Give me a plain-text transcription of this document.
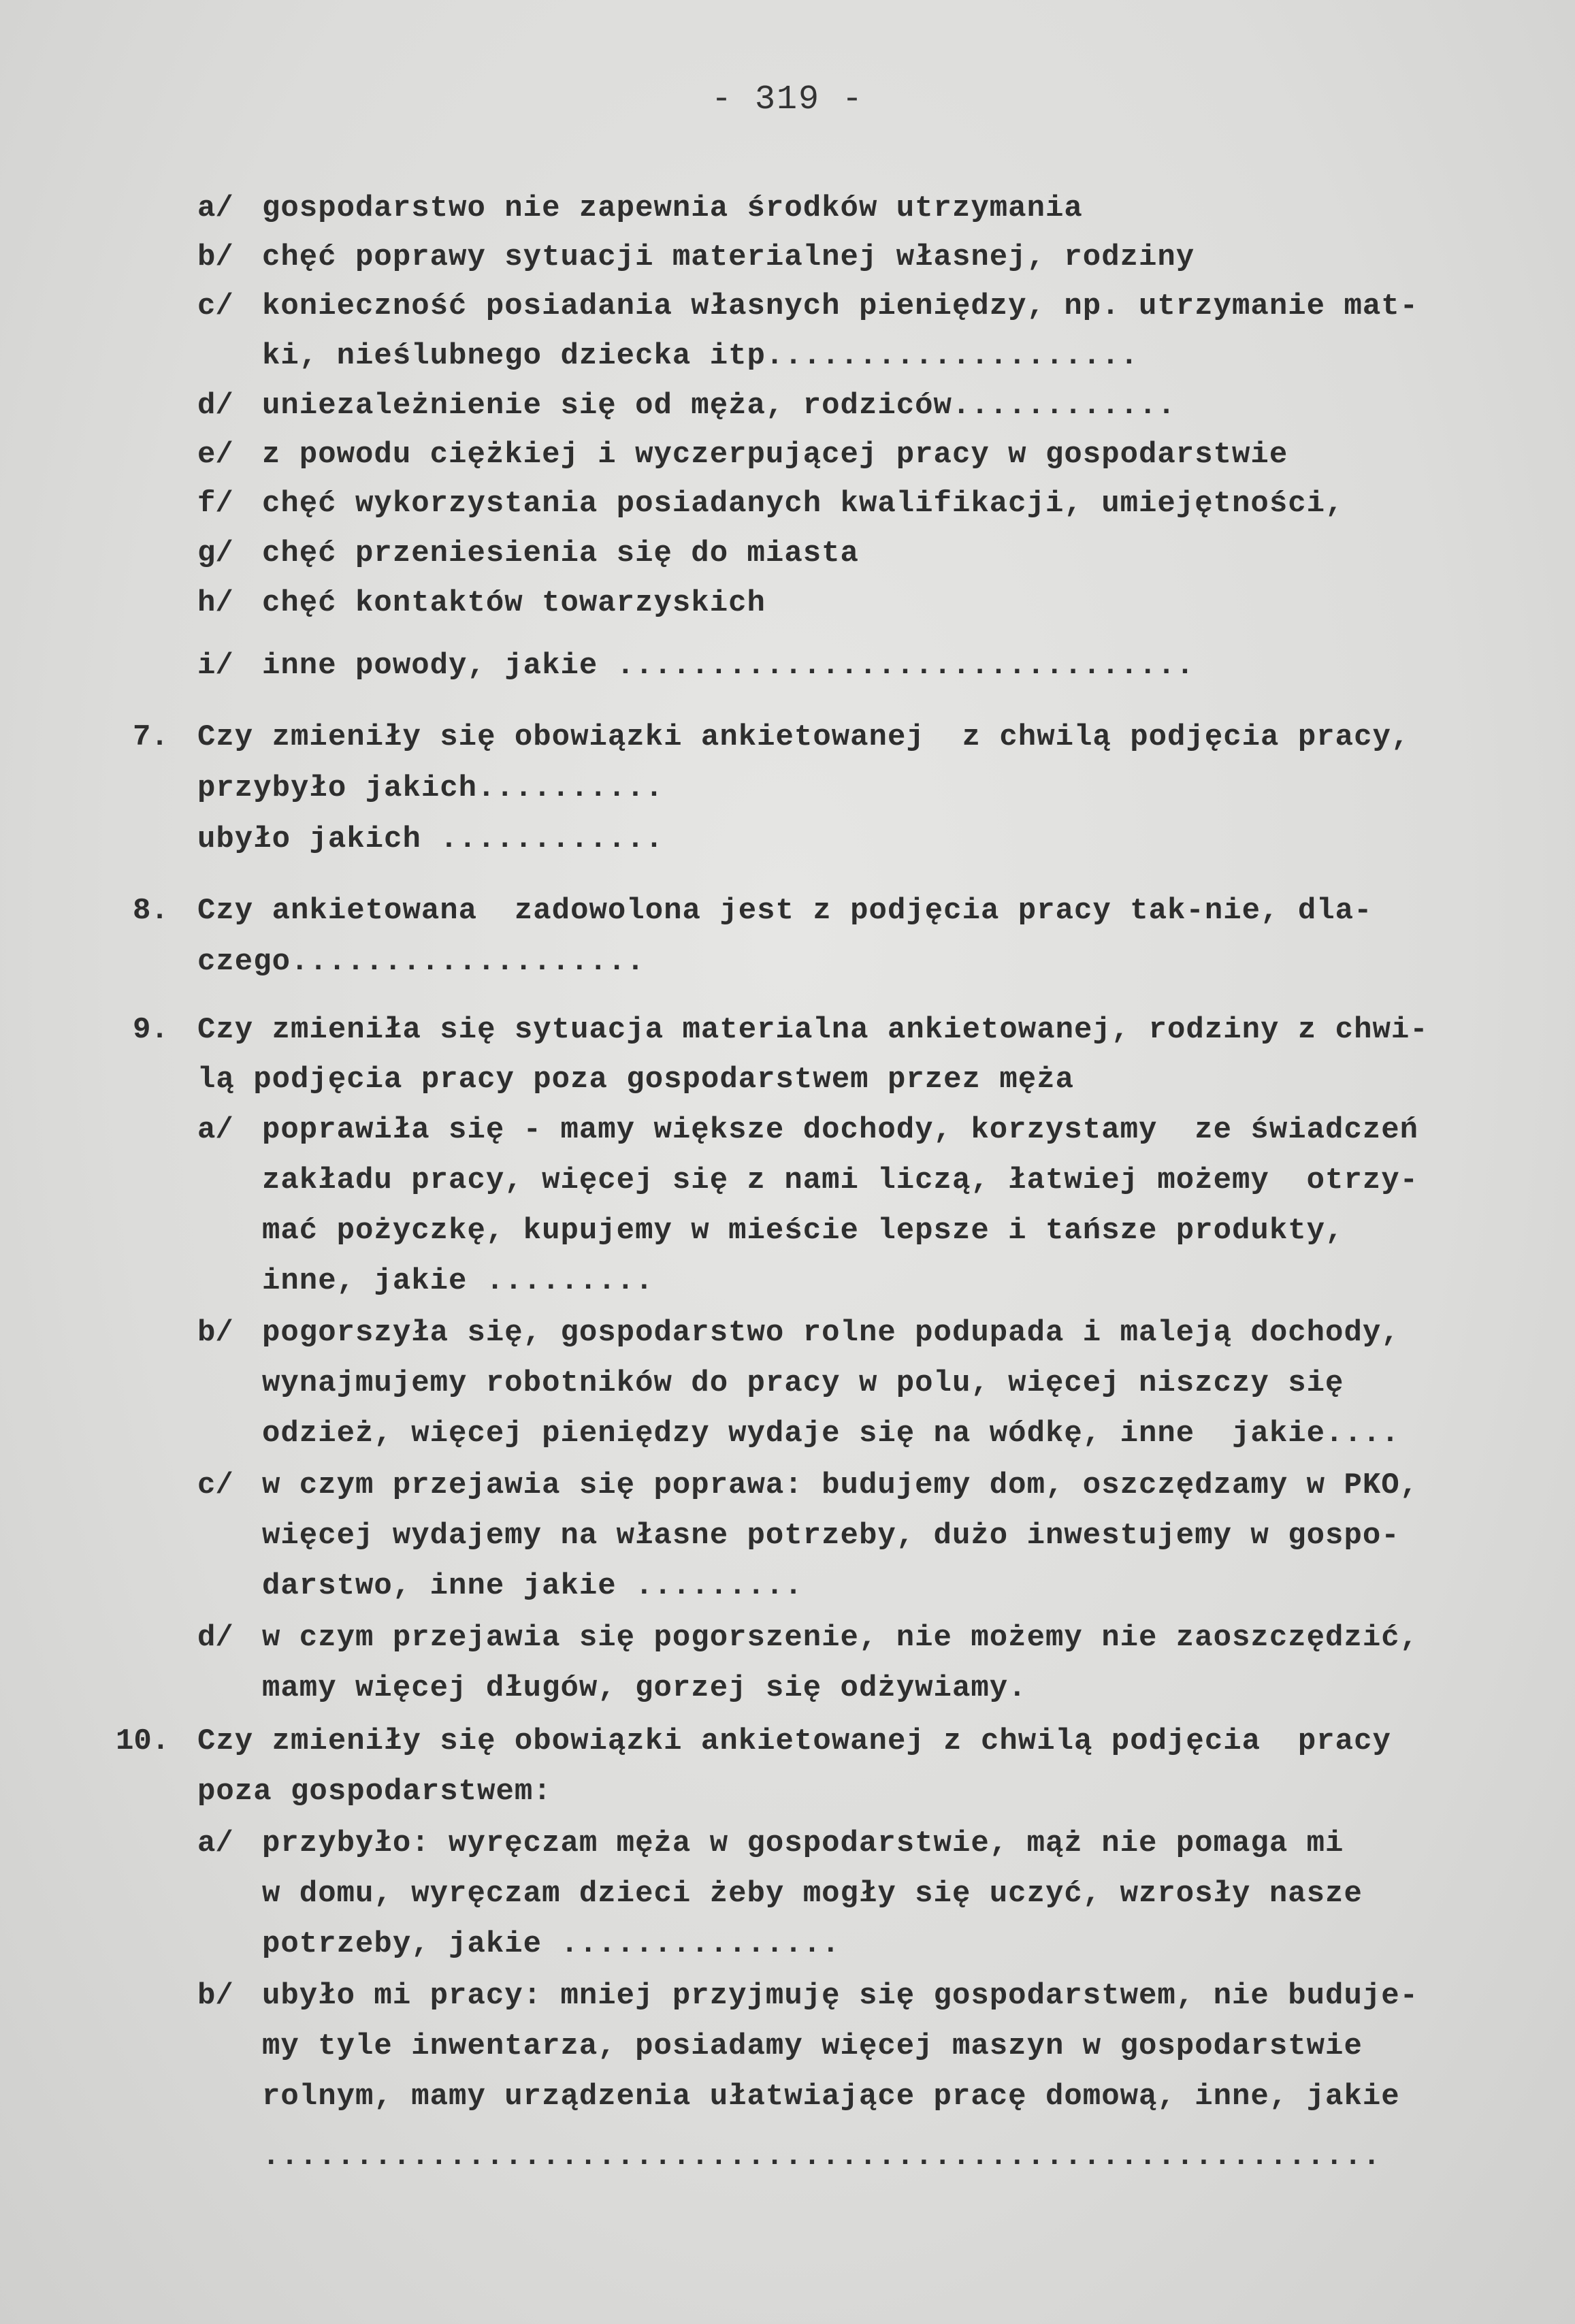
- 319 -
a/ gospodarstwo nie zapewnia środków utrzymania
b/ chęć poprawy sytuacji materialnej własnej, rodziny
c/ konieczność posiadania własnych pieniędzy, np. utrzymanie mat-
ki, nieślubnego dziecka itp....................
d/ uniezależnienie się od męża, rodziców............
e/ z powodu ciężkiej i wyczerpującej pracy w gospodarstwie
f/ chęć wykorzystania posiadanych kwalifikacji, umiejętności,
g/ chęć przeniesienia się do miasta
h/ chęć kontaktów towarzyskich
i/ inne powody, jakie ...............................
7. Czy zmieniły się obowiązki ankietowanej  z chwilą podjęcia pracy,
przybyło jakich..........
ubyło jakich ............
8. Czy ankietowana  zadowolona jest z podjęcia pracy tak-nie, dla-
czego...................
9. Czy zmieniła się sytuacja materialna ankietowanej, rodziny z chwi-
lą podjęcia pracy poza gospodarstwem przez męża
a/ poprawiła się - mamy większe dochody, korzystamy  ze świadczeń
zakładu pracy, więcej się z nami liczą, łatwiej możemy  otrzy-
mać pożyczkę, kupujemy w mieście lepsze i tańsze produkty,
inne, jakie .........
b/ pogorszyła się, gospodarstwo rolne podupada i maleją dochody,
wynajmujemy robotników do pracy w polu, więcej niszczy się
odzież, więcej pieniędzy wydaje się na wódkę, inne  jakie....
c/ w czym przejawia się poprawa: budujemy dom, oszczędzamy w PKO,
więcej wydajemy na własne potrzeby, dużo inwestujemy w gospo-
darstwo, inne jakie .........
d/ w czym przejawia się pogorszenie, nie możemy nie zaoszczędzić,
mamy więcej długów, gorzej się odżywiamy.
10. Czy zmieniły się obowiązki ankietowanej z chwilą podjęcia  pracy
poza gospodarstwem:
a/ przybyło: wyręczam męża w gospodarstwie, mąż nie pomaga mi
w domu, wyręczam dzieci żeby mogły się uczyć, wzrosły nasze
potrzeby, jakie ...............
b/ ubyło mi pracy: mniej przyjmuję się gospodarstwem, nie buduje-
my tyle inwentarza, posiadamy więcej maszyn w gospodarstwie
rolnym, mamy urządzenia ułatwiające pracę domową, inne, jakie
............................................................
